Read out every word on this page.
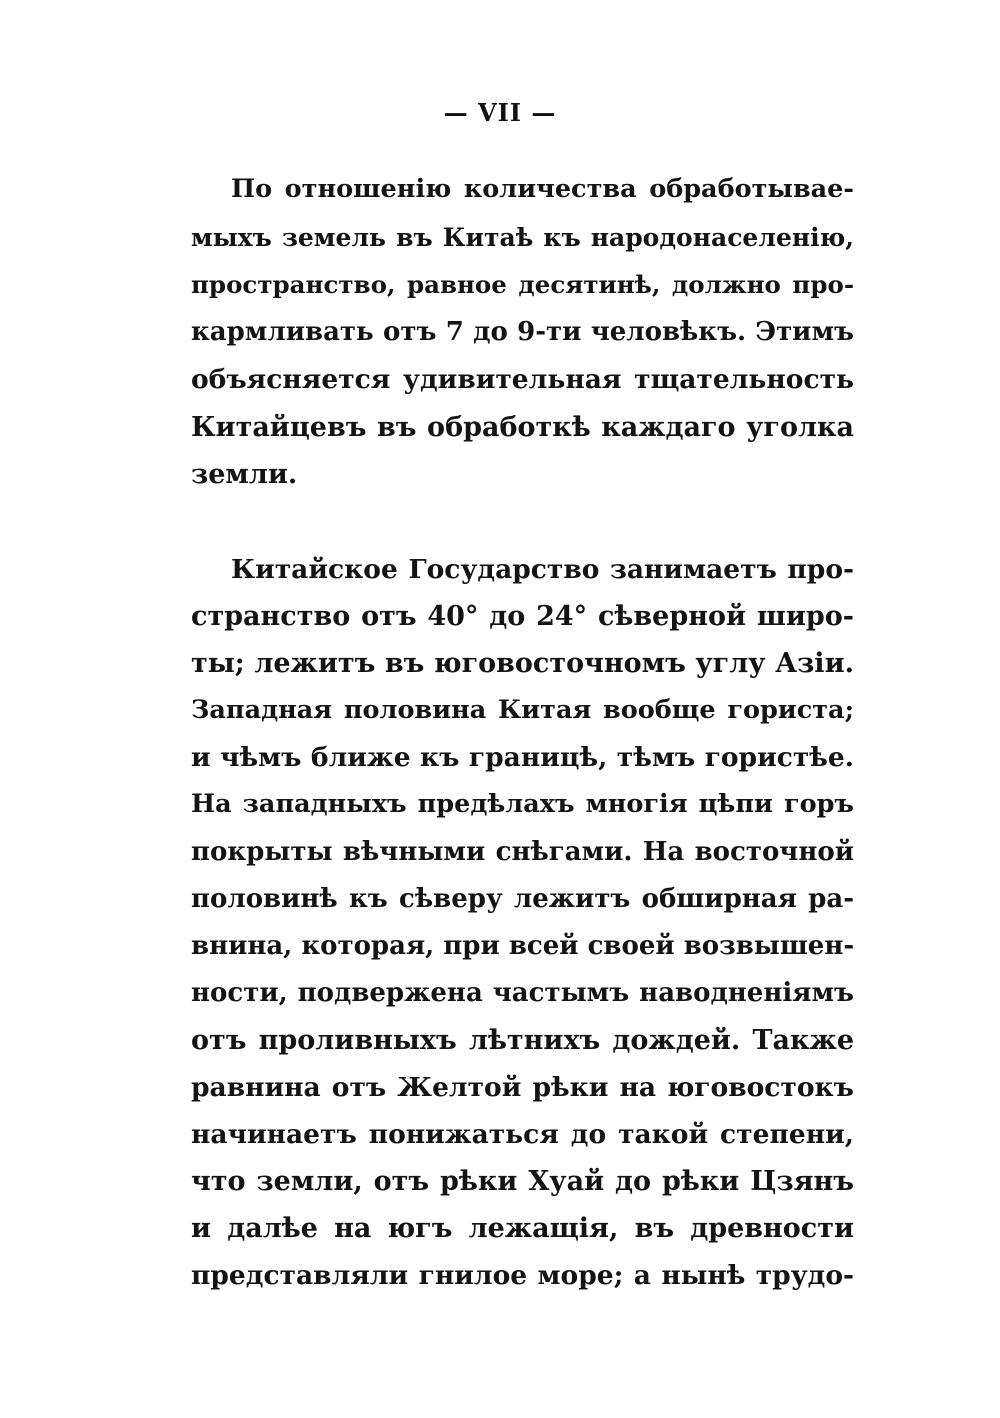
— VII —
По отношенію количества обработывае-
мыхъ земель въ Китаѣ къ народонаселенію,
пространство, равное десятинѣ, должно про-
кармливать отъ 7 до 9-ти человѣкъ. Этимъ
объясняется удивительная тщательность
Китайцевъ въ обработкѣ каждаго уголка
земли.
Китайское Государство занимаетъ про-
странство отъ 40° до 24° сѣверной широ-
ты; лежитъ въ юговосточномъ углу Азіи.
Западная половина Китая вообще гориста;
и чѣмъ ближе къ границѣ, тѣмъ гористѣе.
На западныхъ предѣлахъ многія цѣпи горъ
покрыты вѣчными снѣгами. На восточной
половинѣ къ сѣверу лежитъ обширная ра-
внина, которая, при всей своей возвышен-
ности, подвержена частымъ наводненіямъ
отъ проливныхъ лѣтнихъ дождей. Также
равнина отъ Желтой рѣки на юговостокъ
начинаетъ понижаться до такой степени,
что земли, отъ рѣки Хуай до рѣки Цзянъ
и далѣе на югъ лежащія, въ древности
представляли гнилое море; а нынѣ трудо-
